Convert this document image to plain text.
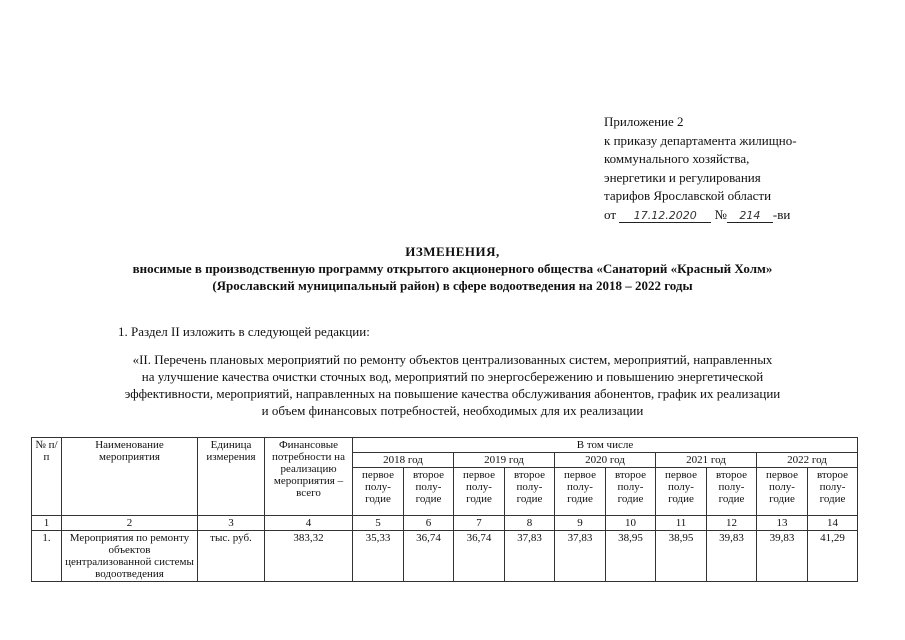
Приложение 2
к приказу департамента жилищно-
коммунального хозяйства,
энергетики и регулирования
тарифов Ярославской области
от 17.12.2020 № 214 -ви
ИЗМЕНЕНИЯ,
вносимые в производственную программу открытого акционерного общества «Санаторий «Красный Холм»
(Ярославский муниципальный район) в сфере водоотведения на 2018 – 2022 годы
1. Раздел II изложить в следующей редакции:
«II. Перечень плановых мероприятий по ремонту объектов централизованных систем, мероприятий, направленных
на улучшение качества очистки сточных вод, мероприятий по энергосбережению и повышению энергетической
эффективности, мероприятий, направленных на повышение качества обслуживания абонентов, график их реализации
и объем финансовых потребностей, необходимых для их реализации
№ п/п	Наименование мероприятия	Единица измерения	Финансовые потребности на реализацию мероприятия – всего	В том числе									
				2018 год		2019 год		2020 год		2021 год		2022 год	
				первое полу-годие	второе полу-годие	первое полу-годие	второе полу-годие	первое полу-годие	второе полу-годие	первое полу-годие	второе полу-годие	первое полу-годие	второе полу-годие
1	2	3	4	5	6	7	8	9	10	11	12	13	14
1.	Мероприятия по ремонту объектов централизованной системы водоотведения	тыс. руб.	383,32	35,33	36,74	36,74	37,83	37,83	38,95	38,95	39,83	39,83	41,29
